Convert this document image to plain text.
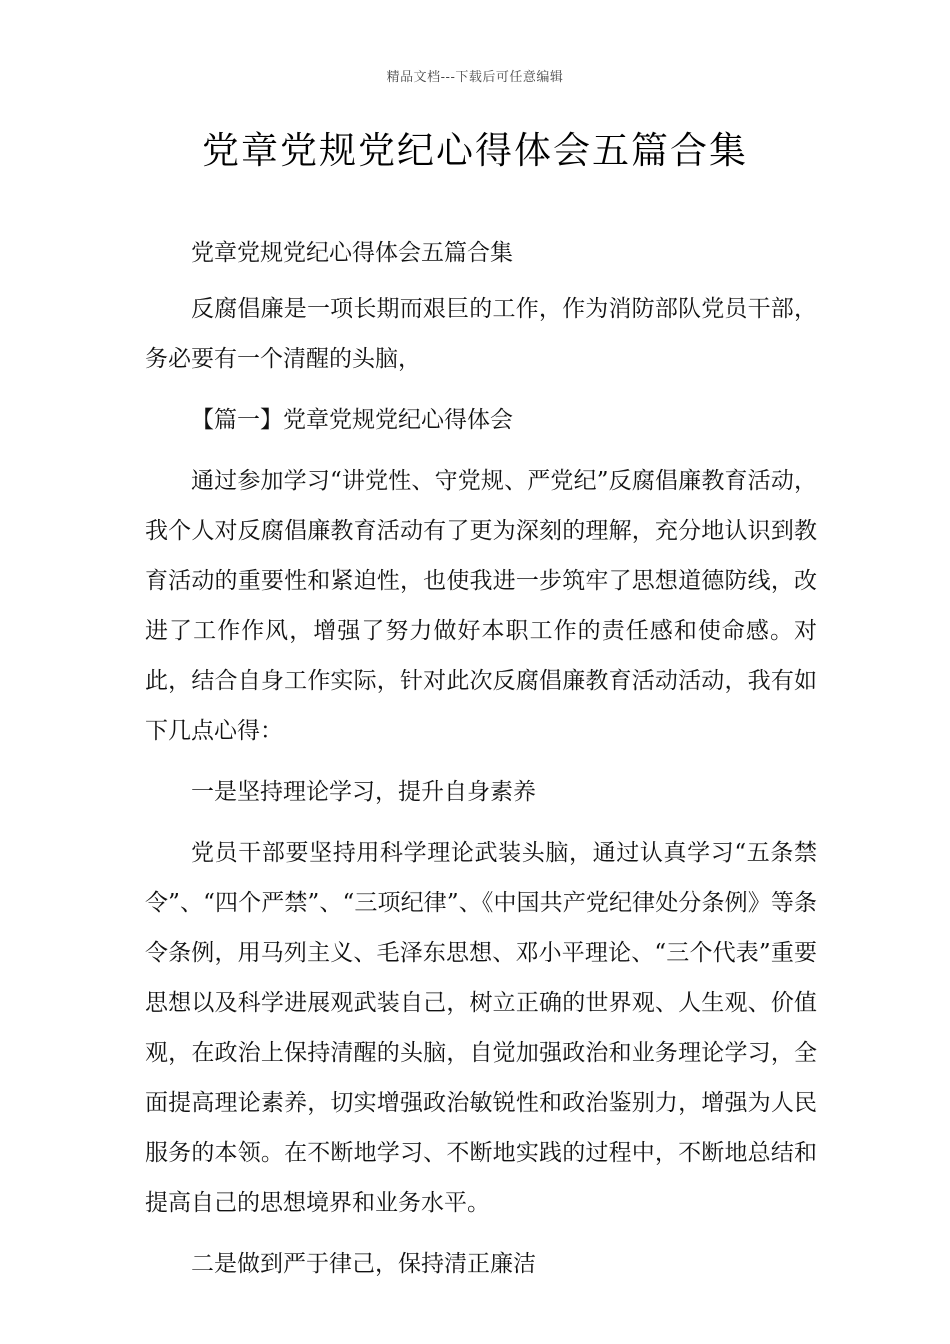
精品文档---下载后可任意编辑
党章党规党纪心得体会五篇合集

党章党规党纪心得体会五篇合集

反腐倡廉是一项长期而艰巨的工作，作为消防部队党员干部，务必要有一个清醒的头脑，

【篇一】党章党规党纪心得体会

通过参加学习“讲党性、守党规、严党纪”反腐倡廉教育活动，我个人对反腐倡廉教育活动有了更为深刻的理解，充分地认识到教育活动的重要性和紧迫性，也使我进一步筑牢了思想道德防线，改进了工作作风，增强了努力做好本职工作的责任感和使命感。对此，结合自身工作实际，针对此次反腐倡廉教育活动活动，我有如下几点心得：

一是坚持理论学习，提升自身素养

党员干部要坚持用科学理论武装头脑，通过认真学习“五条禁令”、“四个严禁”、“三项纪律”、《中国共产党纪律处分条例》等条令条例，用马列主义、毛泽东思想、邓小平理论、“三个代表”重要思想以及科学进展观武装自己，树立正确的世界观、人生观、价值观，在政治上保持清醒的头脑，自觉加强政治和业务理论学习，全面提高理论素养，切实增强政治敏锐性和政治鉴别力，增强为人民服务的本领。在不断地学习、不断地实践的过程中，不断地总结和提高自己的思想境界和业务水平。

二是做到严于律己，保持清正廉洁
